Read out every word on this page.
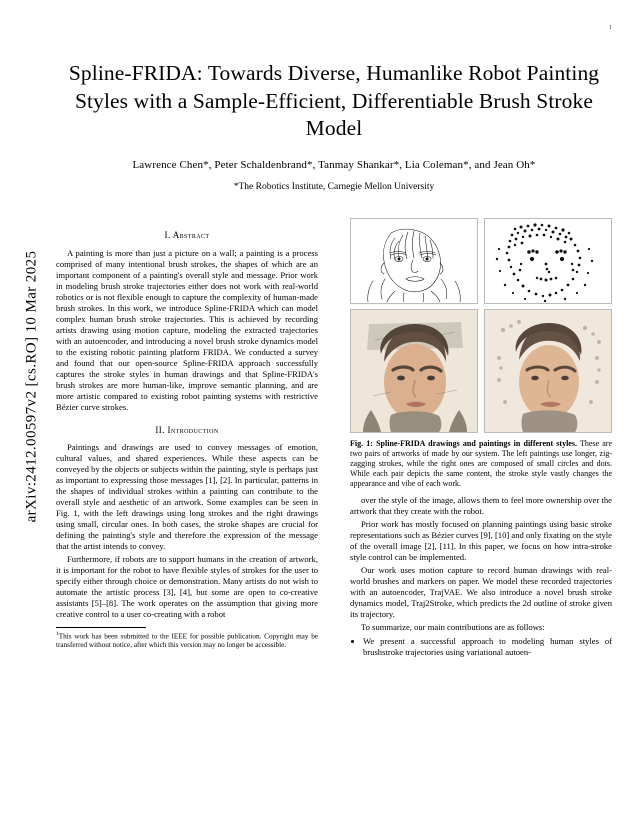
arXiv:2412.00597v2 [cs.RO] 10 Mar 2025
1
Spline-FRIDA: Towards Diverse, Humanlike Robot Painting Styles with a Sample-Efficient, Differentiable Brush Stroke Model
Lawrence Chen*, Peter Schaldenbrand*, Tanmay Shankar*, Lia Coleman*, and Jean Oh*
*The Robotics Institute, Carnegie Mellon University
I. Abstract

A painting is more than just a picture on a wall; a painting is a process comprised of many intentional brush strokes, the shapes of which are an important component of a painting's overall style and message. Prior work in modeling brush stroke trajectories either does not work with real-world robotics or is not flexible enough to capture the complexity of human-made brush strokes. In this work, we introduce Spline-FRIDA which can model complex human brush stroke trajectories. This is achieved by recording artists drawing using motion capture, modeling the extracted trajectories with an autoencoder, and introducing a novel brush stroke dynamics model to the existing robotic painting platform FRIDA. We conducted a survey and found that our open-source Spline-FRIDA approach successfully captures the stroke styles in human drawings and that Spline-FRIDA's brush strokes are more human-like, improve semantic planning, and are more artistic compared to existing robot painting systems with restrictive Bézier curve strokes.

II. Introduction

Paintings and drawings are used to convey messages of emotion, cultural values, and shared experiences. While these aspects can be conveyed by the objects or subjects within the painting, style is perhaps just as important to expressing those messages [1], [2]. In particular, patterns in the shapes of individual strokes within a painting can contribute to the overall style and aesthetic of an artwork. Some examples can be seen in Fig. 1, with the left drawings using long strokes and the right drawings using small, circular ones. In both cases, the stroke shapes are crucial for defining the painting's style and therefore the expression of the message that the artist intends to convey.

Furthermore, if robots are to support humans in the creation of artwork, it is important for the robot to have flexible styles of strokes for the user to specify either through choice or demonstration. Many artists do not wish to automate the artistic process [3], [4], but some are open to co-creative assistants [5]–[8]. The work operates on the assumption that giving more creative control to a user co-creating with a robot

$^1$This work has been submitted to the IEEE for possible publication. Copyright may be transferred without notice, after which this version may no longer be accessible.
Fig. 1: Spline-FRIDA drawings and paintings in different styles. These are two pairs of artworks of made by our system. The left paintings use longer, zig-zagging strokes, while the right ones are composed of small circles and dots. While each pair depicts the same content, the stroke style vastly changes the appearance and vibe of each work.

over the style of the image, allows them to feel more ownership over the artwork that they create with the robot.

Prior work has mostly focused on planning paintings using basic stroke representations such as Bézier curves [9], [10] and only fixating on the style of the overall image [2], [11]. In this paper, we focus on how intra-stroke style control can be implemented.

Our work uses motion capture to record human drawings with real-world brushes and markers on paper. We model these recorded trajectories with an autoencoder, TrajVAE. We also introduce a novel brush stroke dynamics model, Traj2Stroke, which predicts the 2d outline of stroke given its trajectory.

To summarize, our main contributions are as follows:

• We present a successful approach to modeling human styles of brushstroke trajectories using variational autoen-
